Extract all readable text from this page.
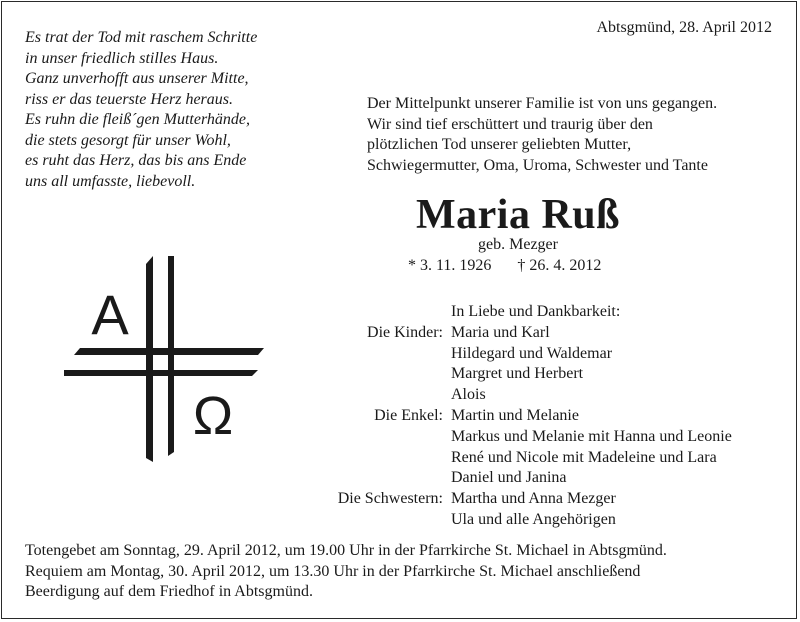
Es trat der Tod mit raschem Schritte
in unser friedlich stilles Haus.
Ganz unverhofft aus unserer Mitte,
riss er das teuerste Herz heraus.
Es ruhn die fleiß´gen Mutterhände,
die stets gesorgt für unser Wohl,
es ruht das Herz, das bis ans Ende
uns all umfasste, liebevoll.
Abtsgmünd, 28. April 2012
Der Mittelpunkt unserer Familie ist von uns gegangen.
Wir sind tief erschüttert und traurig über den
plötzlichen Tod unserer geliebten Mutter,
Schwiegermutter, Oma, Uroma, Schwester und Tante
Maria Ruß
geb. Mezger
* 3. 11. 1926 † 26. 4. 2012
A
Ω
In Liebe und Dankbarkeit:
Die Kinder: Maria und Karl
Hildegard und Waldemar
Margret und Herbert
Alois
Die Enkel: Martin und Melanie
Markus und Melanie mit Hanna und Leonie
René und Nicole mit Madeleine und Lara
Daniel und Janina
Die Schwestern: Martha und Anna Mezger
Ula und alle Angehörigen
Totengebet am Sonntag, 29. April 2012, um 19.00 Uhr in der Pfarrkirche St. Michael in Abtsgmünd.
Requiem am Montag, 30. April 2012, um 13.30 Uhr in der Pfarrkirche St. Michael anschließend
Beerdigung auf dem Friedhof in Abtsgmünd.
